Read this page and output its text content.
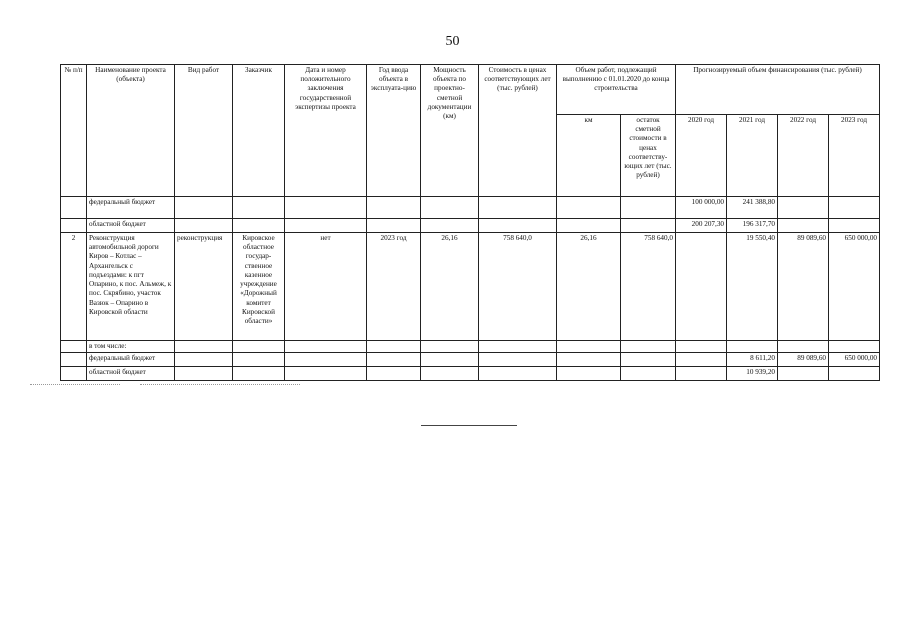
50
№ п/п	Наименование проекта (объекта)	Вид работ	Заказчик	Дата и номер положительного заключения государственной экспертизы проекта	Год ввода объекта в эксплуата-цию	Мощность объекта по проектно-сметной документации (км)	Стоимость в ценах соответствующих лет (тыс. рублей)	Объем работ, подлежащий выполнению с 01.01.2020 до конца строительства		Прогнозируемый объем финансирования (тыс. рублей)			
								км	остаток сметной стоимости в ценах соответству-ющих лет (тыс. рублей)	2020 год	2021 год	2022 год	2023 год
	федеральный бюджет									100 000,00	241 388,80		
	областной бюджет									200 207,30	196 317,70		
2	Реконструкция автомобильной дороги Киров – Котлас – Архангельск с подъездами: к пгт Опарино, к пос. Альмеж, к пос. Скрябино, участок Вазюк – Опарино в Кировской области	реконструкция	Кировское областное государ-ственное казенное учреждение «Дорожный комитет Кировской области»	нет	2023 год	26,16	758 640,0	26,16	758 640,0		19 550,40	89 089,60	650 000,00
	в том числе:												
	федеральный бюджет										8 611,20	89 089,60	650 000,00
	областной бюджет										10 939,20		
